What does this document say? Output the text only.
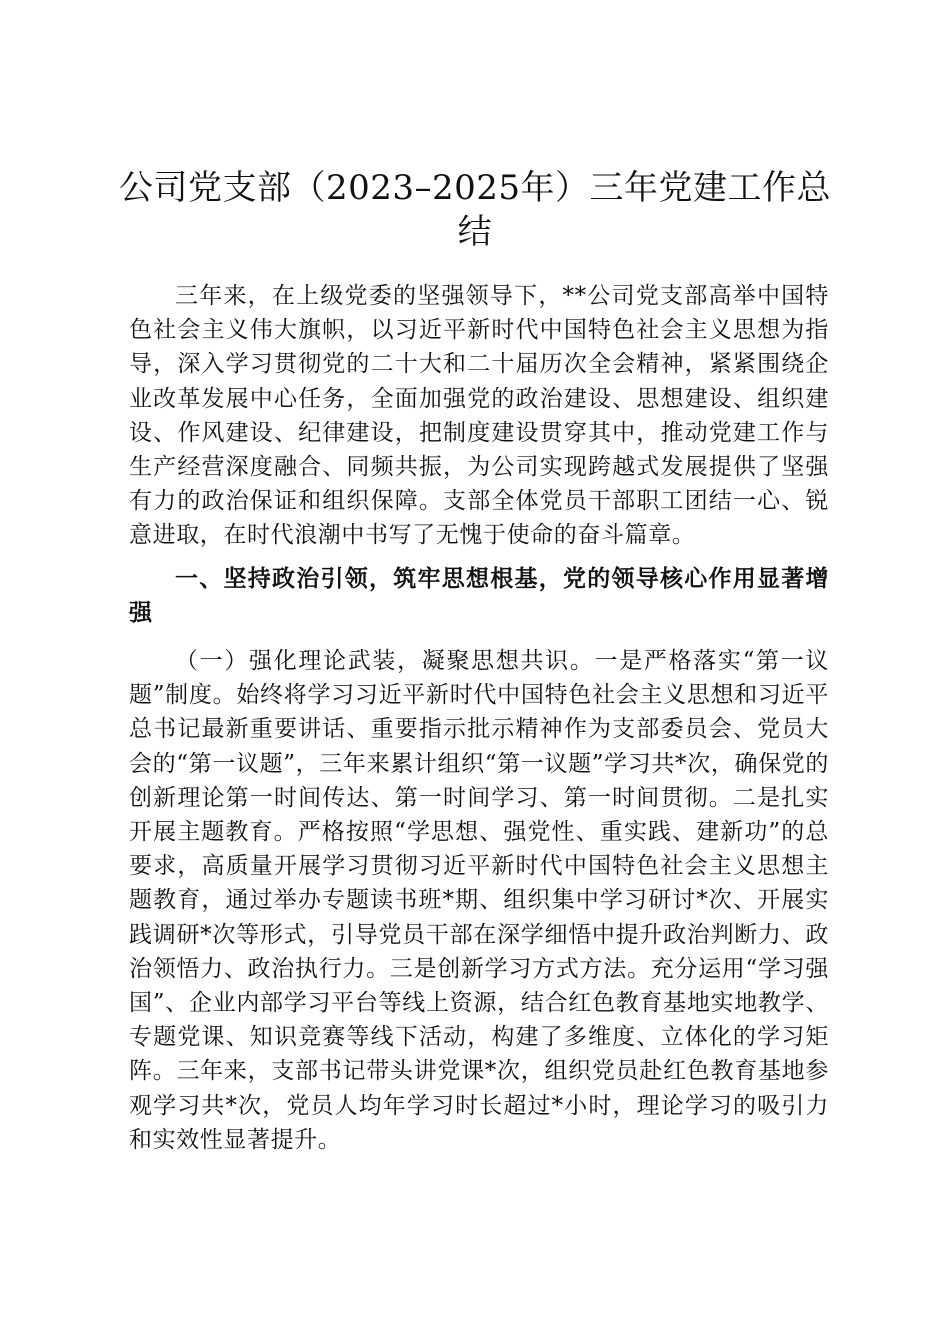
公司党支部（2023–2025年）三年党建工作总结

三年来，在上级党委的坚强领导下，**公司党支部高举中国特色社会主义伟大旗帜，以习近平新时代中国特色社会主义思想为指导，深入学习贯彻党的二十大和二十届历次全会精神，紧紧围绕企业改革发展中心任务，全面加强党的政治建设、思想建设、组织建设、作风建设、纪律建设，把制度建设贯穿其中，推动党建工作与生产经营深度融合、同频共振，为公司实现跨越式发展提供了坚强有力的政治保证和组织保障。支部全体党员干部职工团结一心、锐意进取，在时代浪潮中书写了无愧于使命的奋斗篇章。

一、坚持政治引领，筑牢思想根基，党的领导核心作用显著增强

（一）强化理论武装，凝聚思想共识。一是严格落实“第一议题”制度。始终将学习习近平新时代中国特色社会主义思想和习近平总书记最新重要讲话、重要指示批示精神作为支部委员会、党员大会的“第一议题”，三年来累计组织“第一议题”学习共*次，确保党的创新理论第一时间传达、第一时间学习、第一时间贯彻。二是扎实开展主题教育。严格按照“学思想、强党性、重实践、建新功”的总要求，高质量开展学习贯彻习近平新时代中国特色社会主义思想主题教育，通过举办专题读书班*期、组织集中学习研讨*次、开展实践调研*次等形式，引导党员干部在深学细悟中提升政治判断力、政治领悟力、政治执行力。三是创新学习方式方法。充分运用“学习强国”、企业内部学习平台等线上资源，结合红色教育基地实地教学、专题党课、知识竞赛等线下活动，构建了多维度、立体化的学习矩阵。三年来，支部书记带头讲党课*次，组织党员赴红色教育基地参观学习共*次，党员人均年学习时长超过*小时，理论学习的吸引力和实效性显著提升。
